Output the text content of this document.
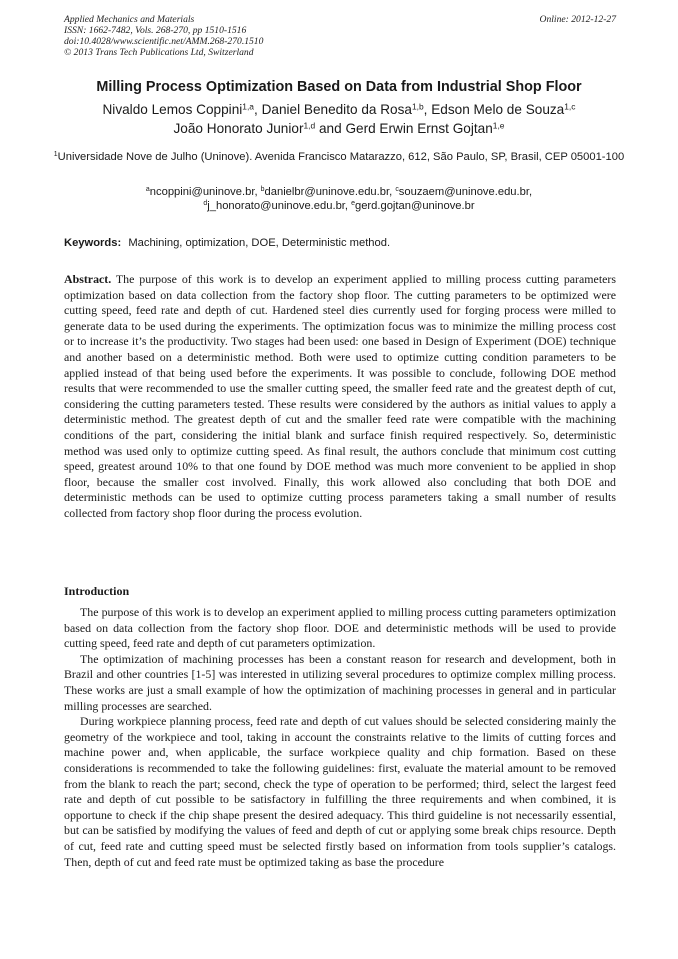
Applied Mechanics and Materials
ISSN: 1662-7482, Vols. 268-270, pp 1510-1516
doi:10.4028/www.scientific.net/AMM.268-270.1510
© 2013 Trans Tech Publications Ltd, Switzerland
Online: 2012-12-27
Milling Process Optimization Based on Data from Industrial Shop Floor
Nivaldo Lemos Coppini$^{1,a}$, Daniel Benedito da Rosa$^{1,b}$, Edson Melo de Souza$^{1,c}$
João Honorato Junior$^{1,d}$ and Gerd Erwin Ernst Gojtan$^{1,e}$
$^1$Universidade Nove de Julho (Uninove). Avenida Francisco Matarazzo, 612, São Paulo, SP, Brasil, CEP 05001-100
$^a$ncoppini@uninove.br, $^b$danielbr@uninove.edu.br, $^c$souzaem@uninove.edu.br,
$^d$j_honorato@uninove.edu.br, $^e$gerd.gojtan@uninove.br
Keywords: Machining, optimization, DOE, Deterministic method.
Abstract. The purpose of this work is to develop an experiment applied to milling process cutting parameters optimization based on data collection from the factory shop floor. The cutting parameters to be optimized were cutting speed, feed rate and depth of cut. Hardened steel dies currently used for forging process were milled to generate data to be used during the experiments. The optimization focus was to minimize the milling process cost or to increase it’s the productivity. Two stages had been used: one based in Design of Experiment (DOE) technique and another based on a deterministic method. Both were used to optimize cutting condition parameters to be applied instead of that being used before the experiments. It was possible to conclude, following DOE method results that were recommended to use the smaller cutting speed, the smaller feed rate and the greatest depth of cut, considering the cutting parameters tested. These results were considered by the authors as initial values to apply a deterministic method. The greatest depth of cut and the smaller feed rate were compatible with the machining conditions of the part, considering the initial blank and surface finish required respectively. So, deterministic method was used only to optimize cutting speed. As final result, the authors conclude that minimum cost cutting speed, greatest around 10% to that one found by DOE method was much more convenient to be applied in shop floor, because the smaller cost involved. Finally, this work allowed also concluding that both DOE and deterministic methods can be used to optimize cutting process parameters taking a small number of results collected from factory shop floor during the process evolution.
Introduction

The purpose of this work is to develop an experiment applied to milling process cutting parameters optimization based on data collection from the factory shop floor. DOE and deterministic methods will be used to provide cutting speed, feed rate and depth of cut parameters optimization.

The optimization of machining processes has been a constant reason for research and development, both in Brazil and other countries [1-5] was interested in utilizing several procedures to optimize complex milling process. These works are just a small example of how the optimization of machining processes in general and in particular milling processes are searched.

During workpiece planning process, feed rate and depth of cut values should be selected considering mainly the geometry of the workpiece and tool, taking in account the constraints relative to the limits of cutting forces and machine power and, when applicable, the surface workpiece quality and chip formation. Based on these considerations is recommended to take the following guidelines: first, evaluate the material amount to be removed from the blank to reach the part; second, check the type of operation to be performed; third, select the largest feed rate and depth of cut possible to be satisfactory in fulfilling the three requirements and when combined, it is opportune to check if the chip shape present the desired adequacy. This third guideline is not necessarily essential, but can be satisfied by modifying the values of feed and depth of cut or applying some break chips resource. Depth of cut, feed rate and cutting speed must be selected firstly based on information from tools supplier’s catalogs. Then, depth of cut and feed rate must be optimized taking as base the procedure
